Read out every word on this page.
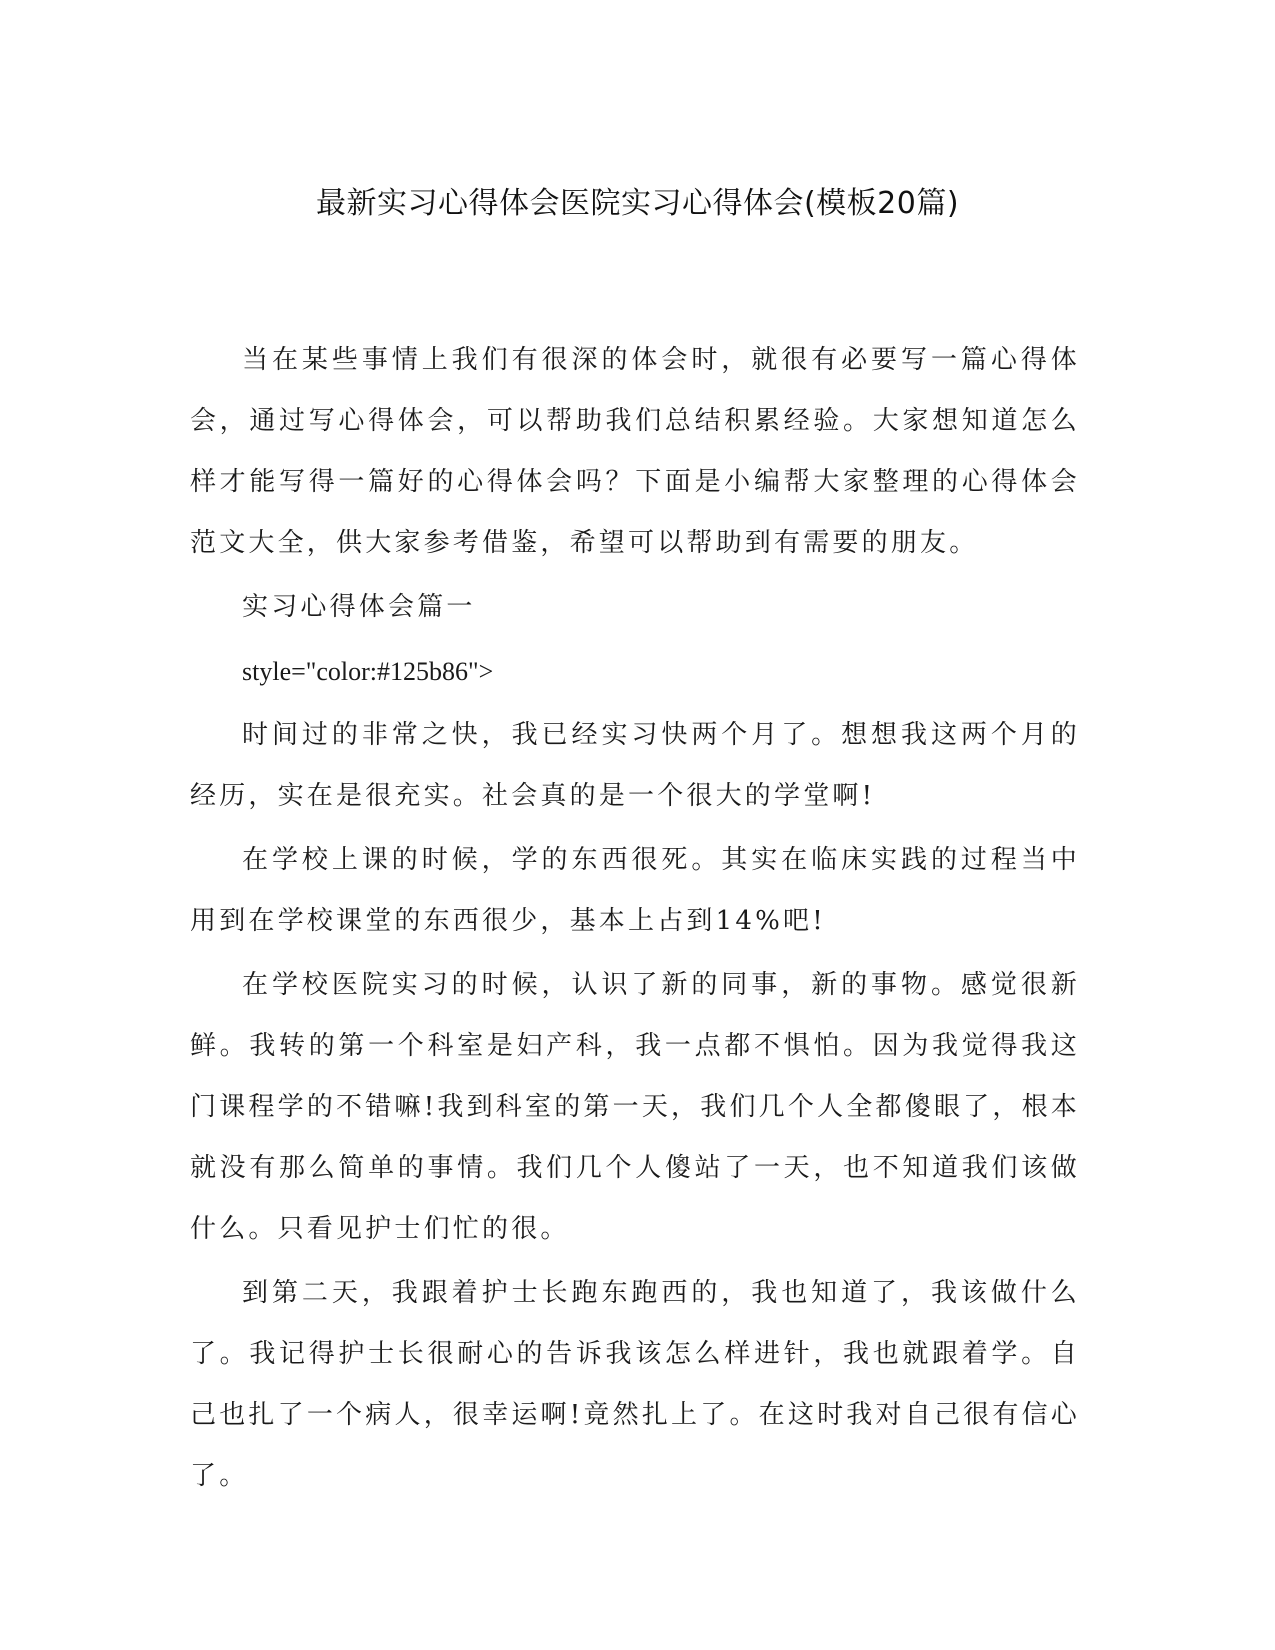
最新实习心得体会医院实习心得体会(模板20篇)

当在某些事情上我们有很深的体会时，就很有必要写一篇心得体会，通过写心得体会，可以帮助我们总结积累经验。大家想知道怎么样才能写得一篇好的心得体会吗？下面是小编帮大家整理的心得体会范文大全，供大家参考借鉴，希望可以帮助到有需要的朋友。

实习心得体会篇一

style="color:#125b86">

时间过的非常之快，我已经实习快两个月了。想想我这两个月的经历，实在是很充实。社会真的是一个很大的学堂啊!

在学校上课的时候，学的东西很死。其实在临床实践的过程当中用到在学校课堂的东西很少，基本上占到14%吧!

在学校医院实习的时候，认识了新的同事，新的事物。感觉很新鲜。我转的第一个科室是妇产科，我一点都不惧怕。因为我觉得我这门课程学的不错嘛!我到科室的第一天，我们几个人全都傻眼了，根本就没有那么简单的事情。我们几个人傻站了一天，也不知道我们该做什么。只看见护士们忙的很。

到第二天，我跟着护士长跑东跑西的，我也知道了，我该做什么了。我记得护士长很耐心的告诉我该怎么样进针，我也就跟着学。自己也扎了一个病人，很幸运啊!竟然扎上了。在这时我对自己很有信心了。
